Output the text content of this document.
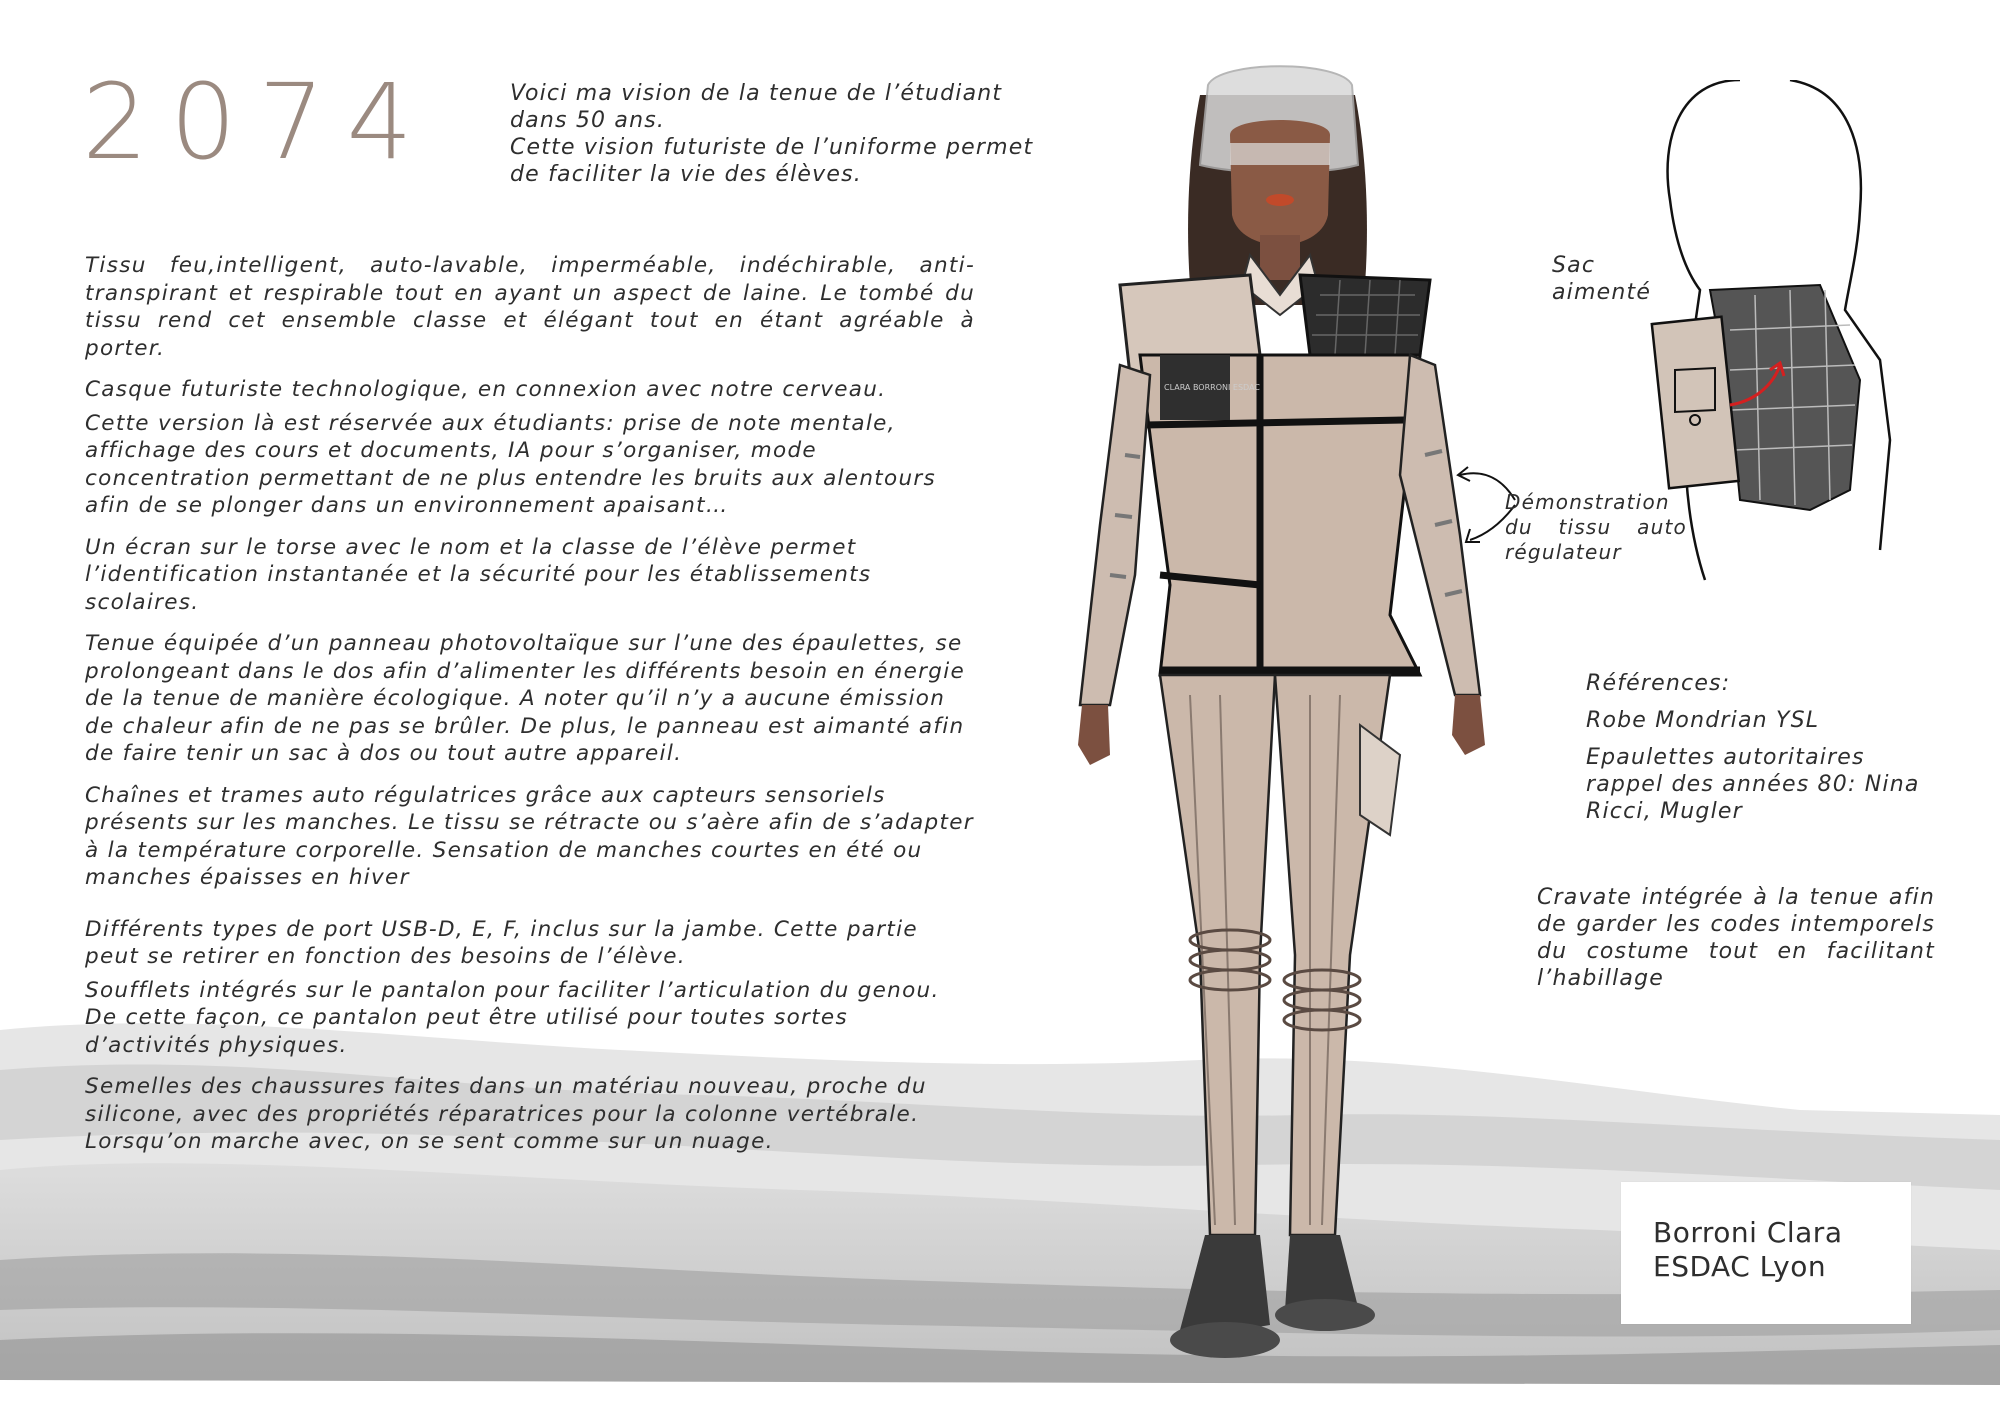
2074	Voici ma vision de la tenue de l’étudiant

dans 50 ans.

Cette vision futuriste de l’uniforme permet

de faciliter la vie des élèves.

Tissu feu,intelligent, auto-lavable, imperméable, indéchirable, anti-transpirant et respirable tout en ayant un aspect de laine. Le tombé du tissu rend cet ensemble classe et élégant tout en étant agréable à porter.

Casque futuriste technologique, en connexion avec notre cerveau.

Cette version là est réservée aux étudiants: prise de note mentale, affichage des cours et documents, IA pour s’organiser, mode concentration permettant de ne plus entendre les bruits aux alentours afin de se plonger dans un environnement apaisant…

Un écran sur le torse avec le nom et la classe de l’élève permet l’identification instantanée et la sécurité pour les établissements scolaires.

Tenue équipée d’un panneau photovoltaïque sur l’une des épaulettes, se prolongeant dans le dos afin d’alimenter les différents besoin en énergie de la tenue de manière écologique. A noter qu’il n’y a aucune émission de chaleur afin de ne pas se brûler. De plus, le panneau est aimanté afin de faire tenir un sac à dos ou tout autre appareil.

Chaînes et trames auto régulatrices grâce aux capteurs sensoriels présents sur les manches. Le tissu se rétracte ou s’aère afin de s’adapter à la température corporelle. Sensation de manches courtes en été ou manches épaisses en hiver

Différents types de port USB-D, E, F, inclus sur la jambe. Cette partie peut se retirer en fonction des besoins de l’élève.

Soufflets intégrés sur le pantalon pour faciliter l’articulation du genou. De cette façon, ce pantalon peut être utilisé pour toutes sortes d’activités physiques.

Semelles des chaussures faites dans un matériau nouveau, proche du silicone, avec des propriétés réparatrices pour la colonne vertébrale. Lorsqu’on marche avec, on se sent comme sur un nuage.

CLARA BORRONI ESDAC
Sac aimenté
Démonstration du tissu auto régulateur

Références:

Robe Mondrian YSL

Epaulettes autoritaires rappel des années 80: Nina Ricci, Mugler

Cravate intégrée à la tenue afin de garder les codes intemporels du costume tout en facilitant l’habillage
Borroni Clara
ESDAC Lyon
